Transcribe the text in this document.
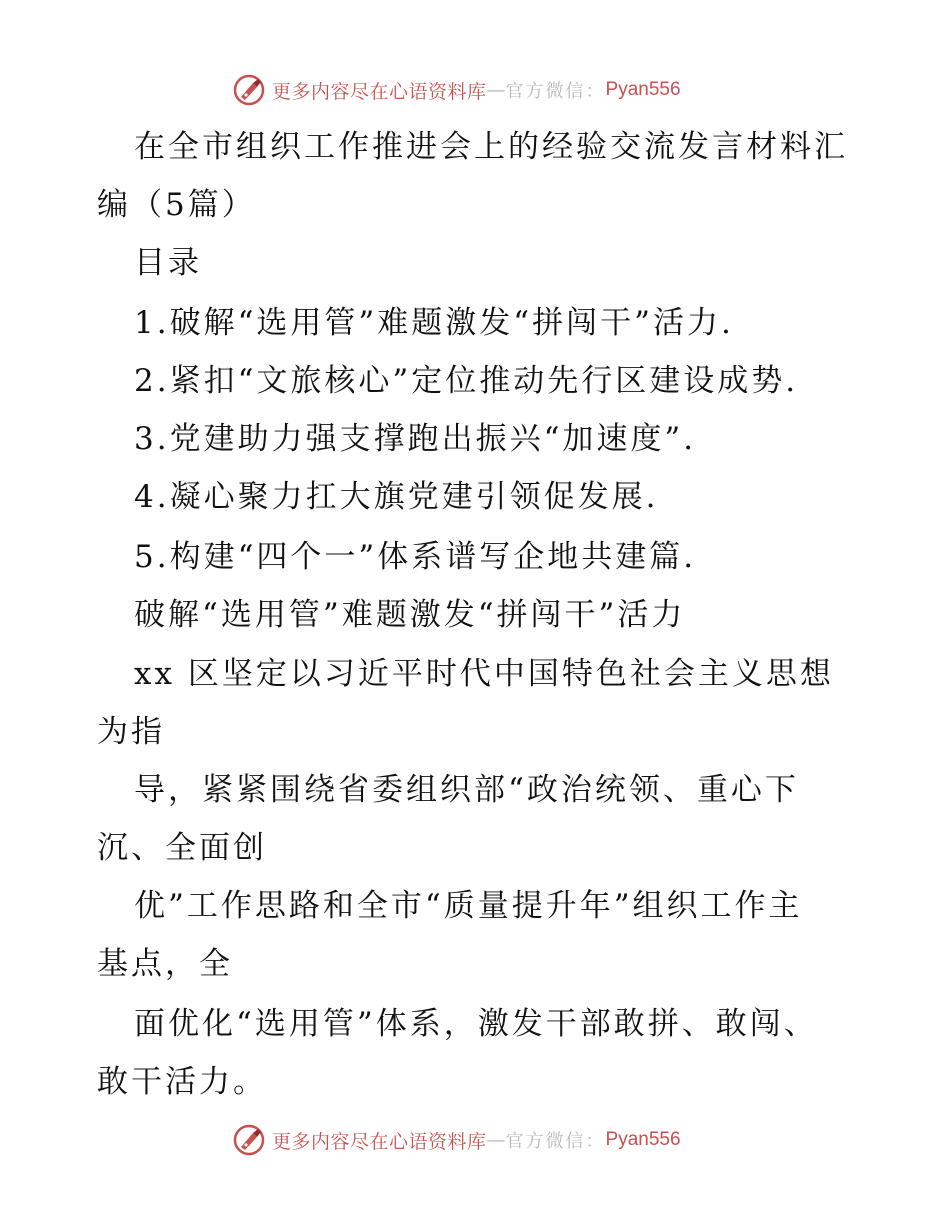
更多内容尽在心语资料库 — 官方微信： Pyan556
在全市组织工作推进会上的经验交流发言材料汇
编（5篇）
目录
1.破解“选用管”难题激发“拼闯干”活力.
2.紧扣“文旅核心”定位推动先行区建设成势.
3.党建助力强支撑跑出振兴“加速度”.
4.凝心聚力扛大旗党建引领促发展.
5.构建“四个一”体系谱写企地共建篇.
破解“选用管”难题激发“拼闯干”活力
xx 区坚定以习近平时代中国特色社会主义思想
为指
导，紧紧围绕省委组织部“政治统领、重心下
沉、全面创
优”工作思路和全市“质量提升年”组织工作主
基点，全
面优化“选用管”体系，激发干部敢拼、敢闯、
敢干活力。
更多内容尽在心语资料库 — 官方微信： Pyan556
